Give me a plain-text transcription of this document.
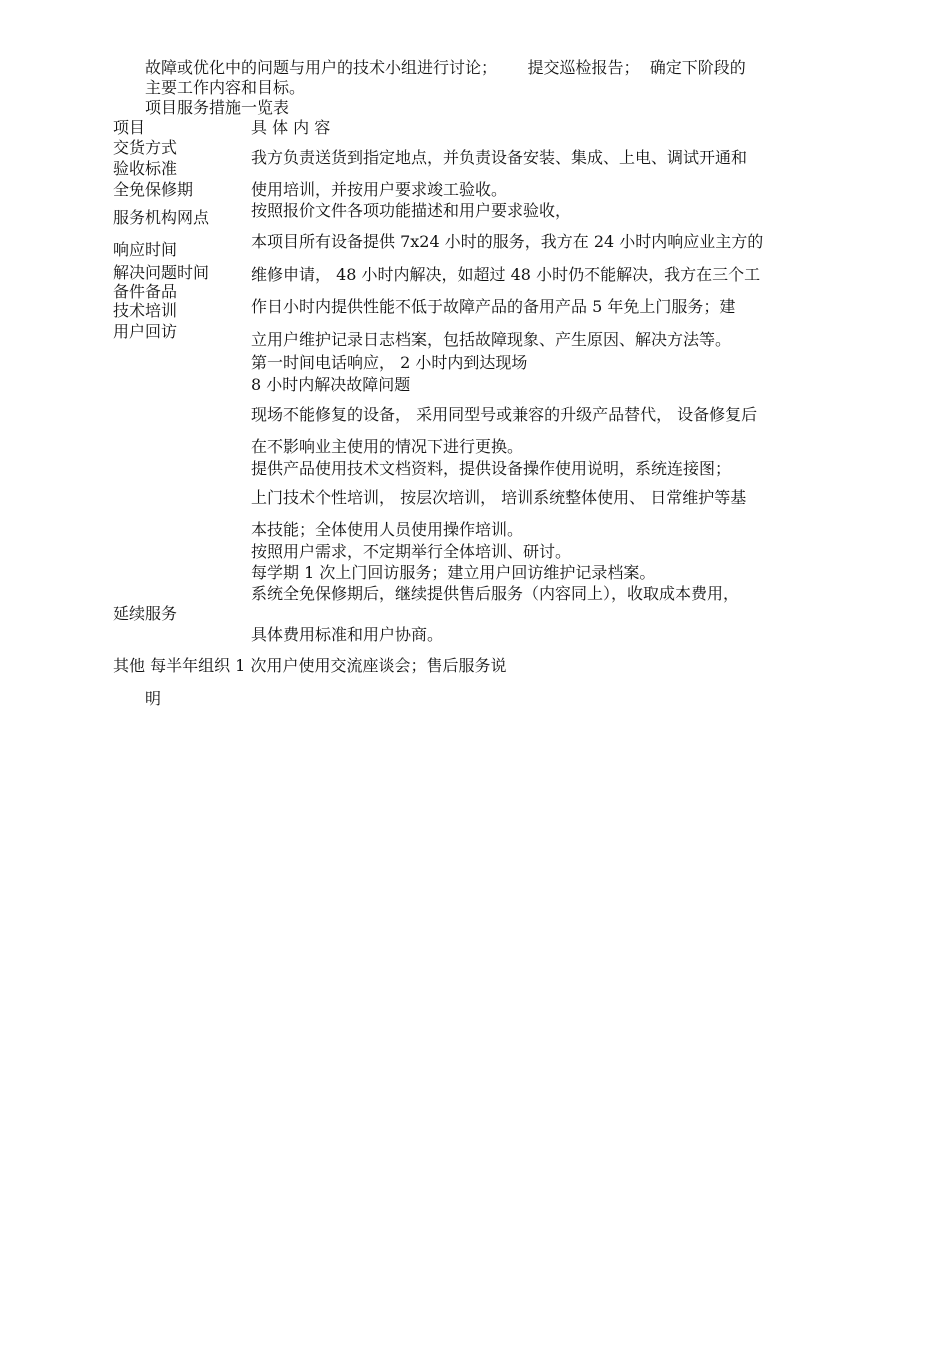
故障或优化中的问题与用户的技术小组进行讨论；      提交巡检报告；  确定下阶段的
主要工作内容和目标。
项目服务措施一览表
项目	具 体 内 容
交货方式
验收标准
全免保修期
服务机构网点
响应时间
解决问题时间
备件备品
技术培训
用户回访
延续服务
我方负责送货到指定地点，并负责设备安装、集成、上电、调试开通和
使用培训，并按用户要求竣工验收。
按照报价文件各项功能描述和用户要求验收，
本项目所有设备提供 7x24 小时的服务，我方在 24 小时内响应业主方的
维修申请， 48 小时内解决，如超过 48 小时仍不能解决，我方在三个工
作日小时内提供性能不低于故障产品的备用产品 5 年免上门服务；建
立用户维护记录日志档案，包括故障现象、产生原因、解决方法等。
第一时间电话响应， 2 小时内到达现场
8 小时内解决故障问题
现场不能修复的设备， 采用同型号或兼容的升级产品替代， 设备修复后
在不影响业主使用的情况下进行更换。
提供产品使用技术文档资料，提供设备操作使用说明，系统连接图；
上门技术个性培训， 按层次培训， 培训系统整体使用、 日常维护等基
本技能；全体使用人员使用操作培训。
按照用户需求，不定期举行全体培训、研讨。
每学期 1 次上门回访服务；建立用户回访维护记录档案。
系统全免保修期后，继续提供售后服务（内容同上），收取成本费用，
具体费用标准和用户协商。
其他 每半年组织 1 次用户使用交流座谈会；售后服务说
明
